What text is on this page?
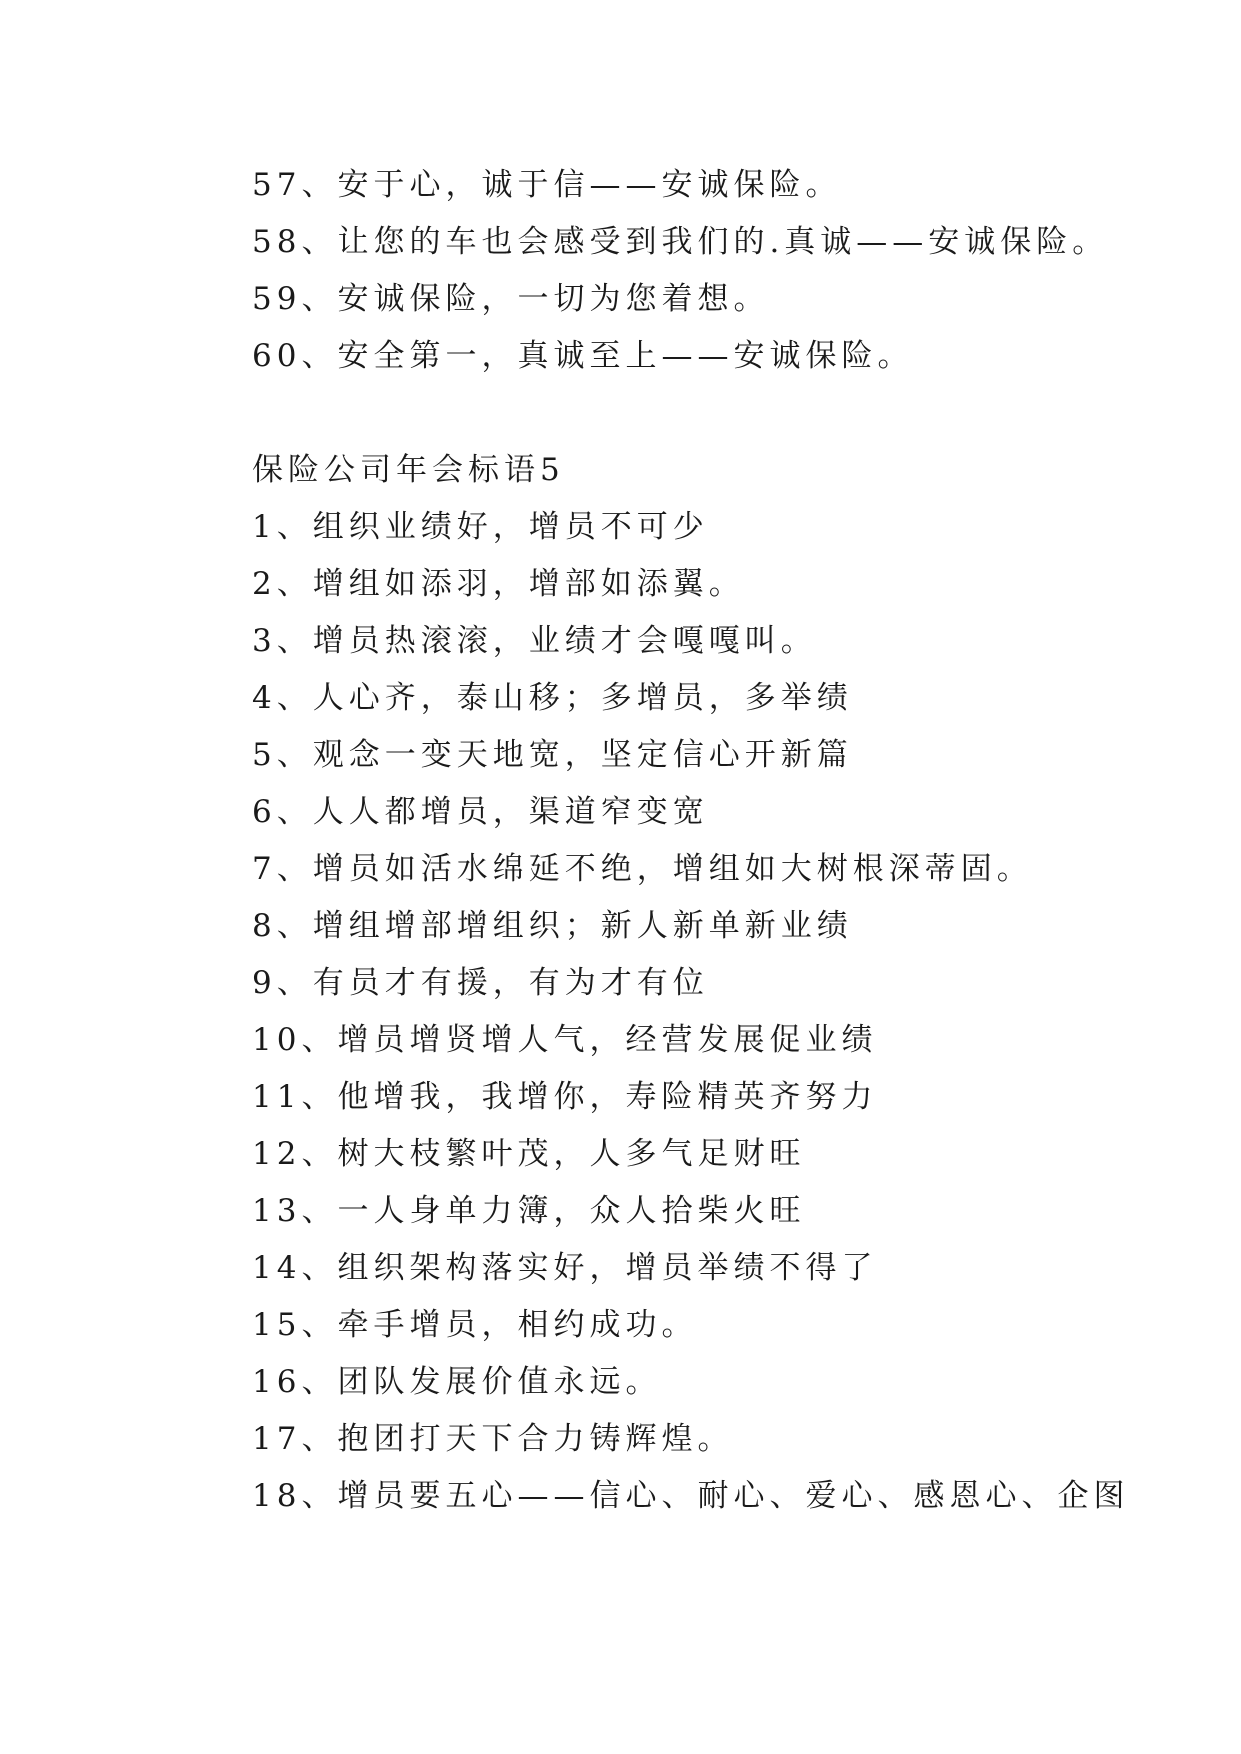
57、安于心，诚于信——安诚保险。
58、让您的车也会感受到我们的.真诚——安诚保险。
59、安诚保险，一切为您着想。
60、安全第一，真诚至上——安诚保险。
保险公司年会标语5
1、组织业绩好，增员不可少
2、增组如添羽，增部如添翼。
3、增员热滚滚，业绩才会嘎嘎叫。
4、人心齐，泰山移；多增员，多举绩
5、观念一变天地宽，坚定信心开新篇
6、人人都增员，渠道窄变宽
7、增员如活水绵延不绝，增组如大树根深蒂固。
8、增组增部增组织；新人新单新业绩
9、有员才有援，有为才有位
10、增员增贤增人气，经营发展促业绩
11、他增我，我增你，寿险精英齐努力
12、树大枝繁叶茂，人多气足财旺
13、一人身单力簿，众人拾柴火旺
14、组织架构落实好，增员举绩不得了
15、牵手增员，相约成功。
16、团队发展价值永远。
17、抱团打天下合力铸辉煌。
18、增员要五心——信心、耐心、爱心、感恩心、企图
